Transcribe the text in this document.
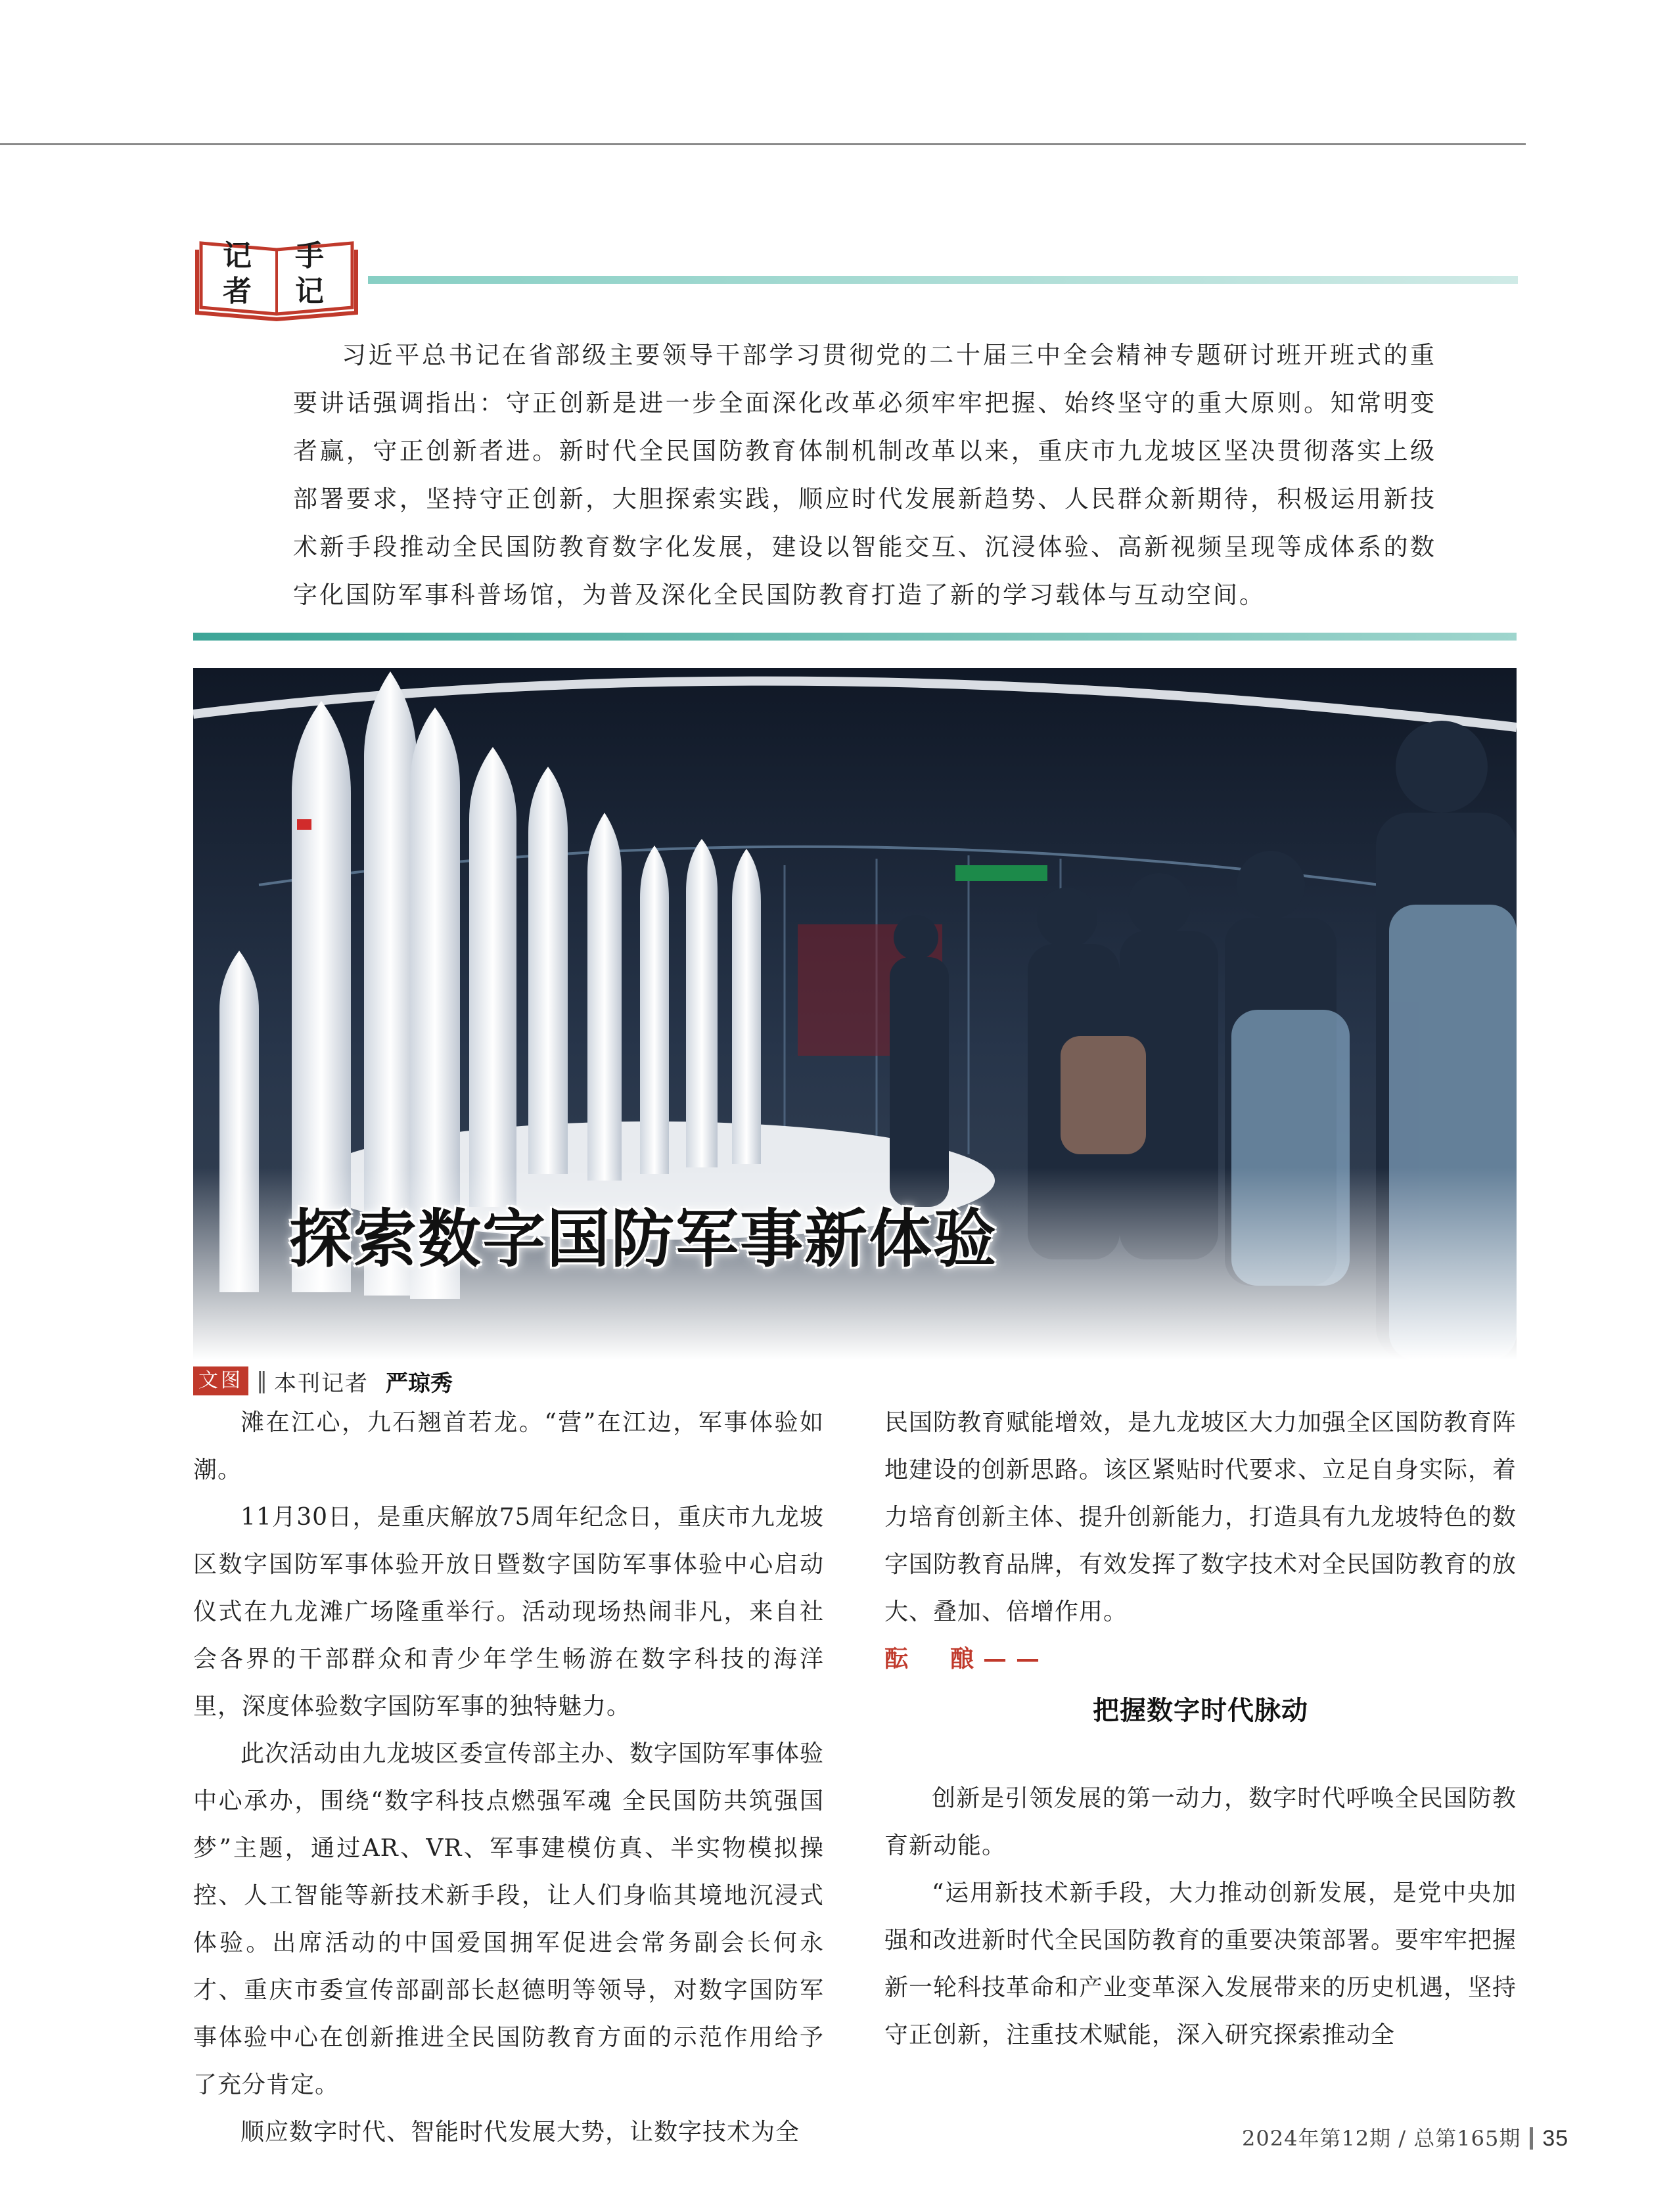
记 手
者 记

习近平总书记在省部级主要领导干部学习贯彻党的二十届三中全会精神专题研讨班开班式的重要讲话强调指出：守正创新是进一步全面深化改革必须牢牢把握、始终坚守的重大原则。知常明变者赢，守正创新者进。新时代全民国防教育体制机制改革以来，重庆市九龙坡区坚决贯彻落实上级部署要求，坚持守正创新，大胆探索实践，顺应时代发展新趋势、人民群众新期待，积极运用新技术新手段推动全民国防教育数字化发展，建设以智能交互、沉浸体验、高新视频呈现等成体系的数字化国防军事科普场馆，为普及深化全民国防教育打造了新的学习载体与互动空间。

探索数字国防军事新体验
文图 ‖ 本刊记者 严琼秀

滩在江心，九石翘首若龙。“营”在江边，军事体验如潮。

11月30日，是重庆解放75周年纪念日，重庆市九龙坡区数字国防军事体验开放日暨数字国防军事体验中心启动仪式在九龙滩广场隆重举行。活动现场热闹非凡，来自社会各界的干部群众和青少年学生畅游在数字科技的海洋里，深度体验数字国防军事的独特魅力。

此次活动由九龙坡区委宣传部主办、数字国防军事体验中心承办，围绕“数字科技点燃强军魂 全民国防共筑强国梦”主题，通过AR、VR、军事建模仿真、半实物模拟操控、人工智能等新技术新手段，让人们身临其境地沉浸式体验。出席活动的中国爱国拥军促进会常务副会长何永才、重庆市委宣传部副部长赵德明等领导，对数字国防军事体验中心在创新推进全民国防教育方面的示范作用给予了充分肯定。

顺应数字时代、智能时代发展大势，让数字技术为全

民国防教育赋能增效，是九龙坡区大力加强全区国防教育阵地建设的创新思路。该区紧贴时代要求、立足自身实际，着力培育创新主体、提升创新能力，打造具有九龙坡特色的数字国防教育品牌，有效发挥了数字技术对全民国防教育的放大、叠加、倍增作用。

酝　酿——

把握数字时代脉动

创新是引领发展的第一动力，数字时代呼唤全民国防教育新动能。

“运用新技术新手段，大力推动创新发展，是党中央加强和改进新时代全民国防教育的重要决策部署。要牢牢把握新一轮科技革命和产业变革深入发展带来的历史机遇，坚持守正创新，注重技术赋能，深入研究探索推动全

2024年第12期 / 总第165期 35
